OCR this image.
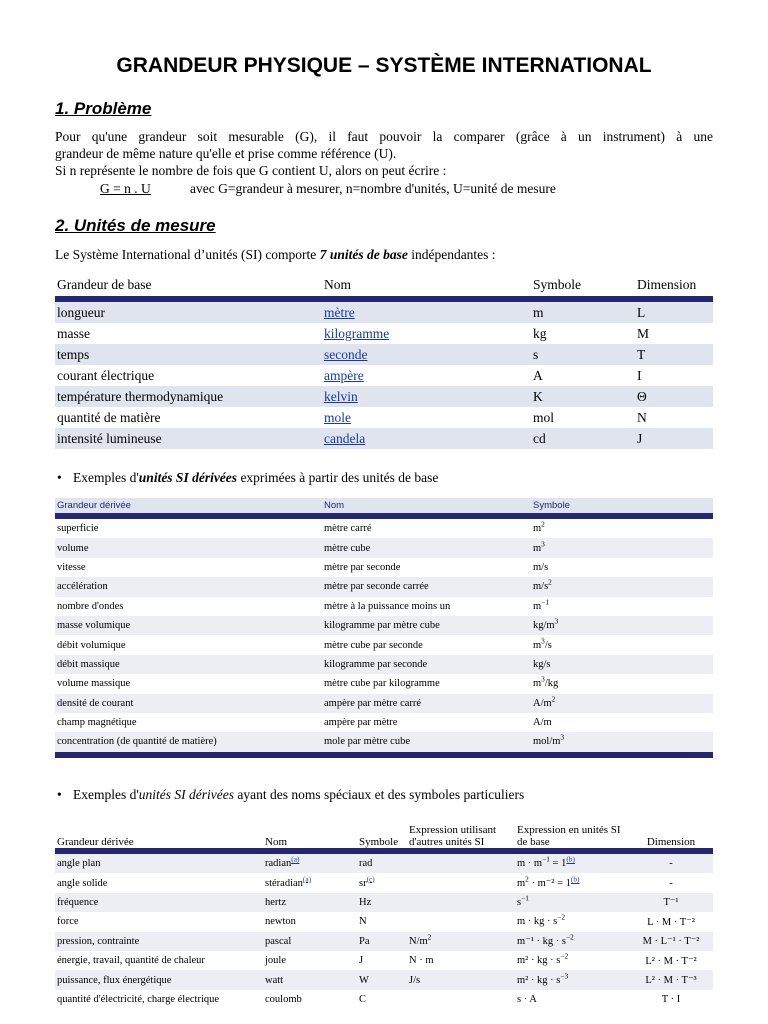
GRANDEUR PHYSIQUE – SYSTÈME INTERNATIONAL
1. Problème
Pour qu'une grandeur soit mesurable (G), il faut pouvoir la comparer (grâce à un instrument) à une
grandeur de même nature qu'elle et prise comme référence (U).
Si n représente le nombre de fois que G contient U, alors on peut écrire :
G = n . U	avec G=grandeur à mesurer, n=nombre d'unités, U=unité de mesure
2. Unités de mesure
Le Système International d’unités (SI) comporte 7 unités de base indépendantes :
Grandeur de base	Nom	Symbole	Dimension
longueur	mètre	m	L
masse	kilogramme	kg	M
temps	seconde	s	T
courant électrique	ampère	A	I
température thermodynamique	kelvin	K	Θ
quantité de matière	mole	mol	N
intensité lumineuse	candela	cd	J
• Exemples d'unités SI dérivées exprimées à partir des unités de base
Grandeur dérivée	Nom	Symbole
superficie	mètre carré	$m^2$
volume	mètre cube	$m^3$
vitesse	mètre par seconde	m/s
accélération	mètre par seconde carrée	$m/s^2$
nombre d'ondes	mètre à la puissance moins un	$m^{-1}$
masse volumique	kilogramme par mètre cube	$kg/m^3$
débit volumique	mètre cube par seconde	$m^3/s$
débit massique	kilogramme par seconde	kg/s
volume massique	mètre cube par kilogramme	$m^3/kg$
densité de courant	ampère par mètre carré	$A/m^2$
champ magnétique	ampère par mètre	A/m
concentration (de quantité de matière)	mole par mètre cube	mol/$m^3$
• Exemples d'unités SI dérivées ayant des noms spéciaux et des symboles particuliers
Grandeur dérivée	Nom	Symbole	Expression utilisant d'autres unités SI	Expression en unités SI de base	Dimension
angle plan	radian$^{(a)}$	rad		$m \cdot m^{-1} = 1^{(b)}$	-
angle solide	stéradian$^{(a)}$	$sr^{(c)}$		$m^2 \cdot m^{-2} = 1^{(b)}$	-
fréquence	hertz	Hz		$s^{-1}$	T⁻¹
force	newton	N		m · kg · $s^{-2}$	L · M · T⁻²
pression, contrainte	pascal	Pa	$N/m^2$	m⁻¹ · kg · $s^{-2}$	M · L⁻¹ · T⁻²
énergie, travail, quantité de chaleur	joule	J	N · m	m² · kg · $s^{-2}$	L² · M · T⁻²
puissance, flux énergétique	watt	W	J/s	m² · kg · $s^{-3}$	L² · M · T⁻³
quantité d'électricité, charge électrique	coulomb	C		s · A	T · I
